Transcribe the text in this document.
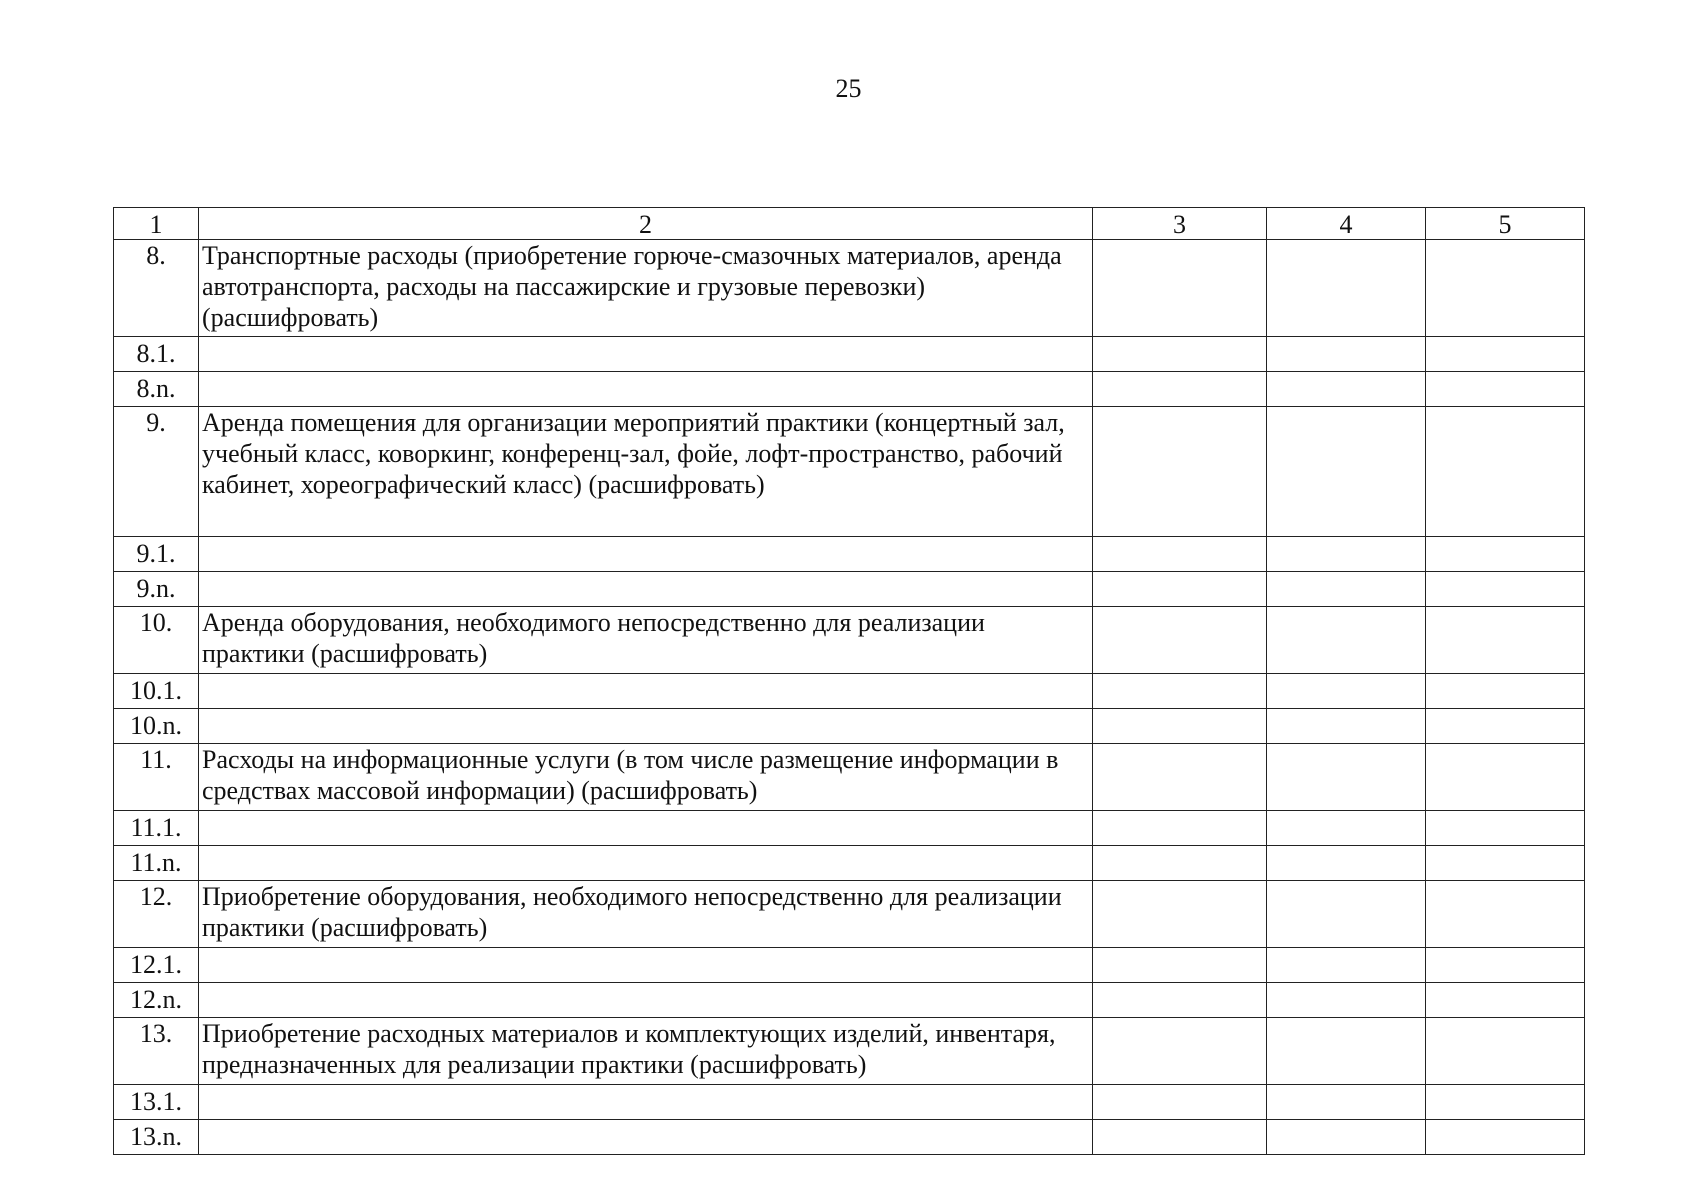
25
1	2	3	4	5
8.	Транспортные расходы (приобретение горюче-смазочных материалов, аренда автотранспорта, расходы на пассажирские и грузовые перевозки) (расшифровать)			
8.1.				
8.n.				
9.	Аренда помещения для организации мероприятий практики (концертный зал, учебный класс, коворкинг, конференц-зал, фойе, лофт-пространство, рабочий кабинет, хореографический класс) (расшифровать)			
9.1.				
9.n.				
10.	Аренда оборудования, необходимого непосредственно для реализации практики (расшифровать)			
10.1.				
10.n.				
11.	Расходы на информационные услуги (в том числе размещение информации в средствах массовой информации) (расшифровать)			
11.1.				
11.n.				
12.	Приобретение оборудования, необходимого непосредственно для реализации практики (расшифровать)			
12.1.				
12.n.				
13.	Приобретение расходных материалов и комплектующих изделий, инвентаря, предназначенных для реализации практики (расшифровать)			
13.1.				
13.n.				
